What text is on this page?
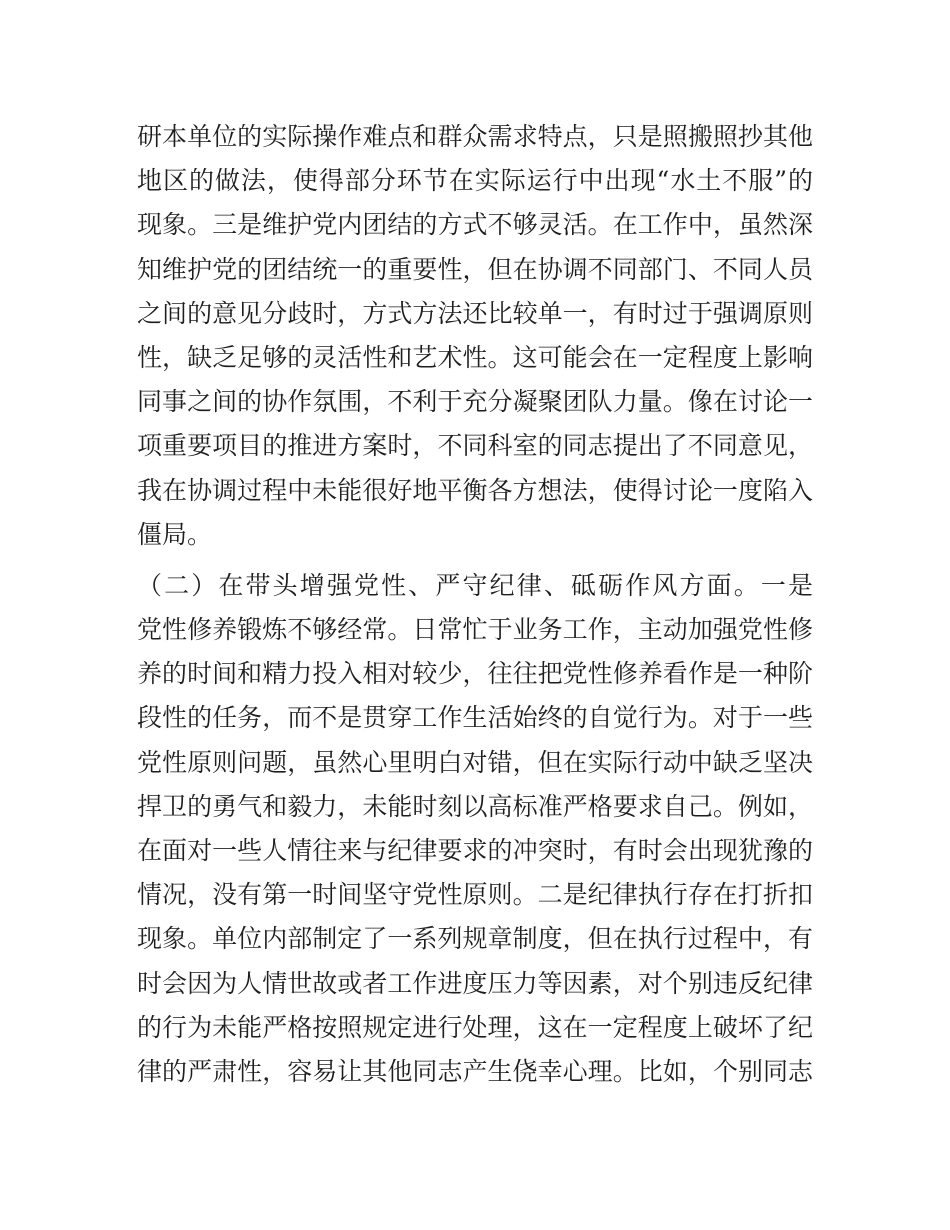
研本单位的实际操作难点和群众需求特点，只是照搬照抄其他
地区的做法，使得部分环节在实际运行中出现“水土不服”的
现象。三是维护党内团结的方式不够灵活。在工作中，虽然深
知维护党的团结统一的重要性，但在协调不同部门、不同人员
之间的意见分歧时，方式方法还比较单一，有时过于强调原则
性，缺乏足够的灵活性和艺术性。这可能会在一定程度上影响
同事之间的协作氛围，不利于充分凝聚团队力量。像在讨论一
项重要项目的推进方案时，不同科室的同志提出了不同意见，
我在协调过程中未能很好地平衡各方想法，使得讨论一度陷入
僵局。
（二）在带头增强党性、严守纪律、砥砺作风方面。一是
党性修养锻炼不够经常。日常忙于业务工作，主动加强党性修
养的时间和精力投入相对较少，往往把党性修养看作是一种阶
段性的任务，而不是贯穿工作生活始终的自觉行为。对于一些
党性原则问题，虽然心里明白对错，但在实际行动中缺乏坚决
捍卫的勇气和毅力，未能时刻以高标准严格要求自己。例如，
在面对一些人情往来与纪律要求的冲突时，有时会出现犹豫的
情况，没有第一时间坚守党性原则。二是纪律执行存在打折扣
现象。单位内部制定了一系列规章制度，但在执行过程中，有
时会因为人情世故或者工作进度压力等因素，对个别违反纪律
的行为未能严格按照规定进行处理，这在一定程度上破坏了纪
律的严肃性，容易让其他同志产生侥幸心理。比如，个别同志
